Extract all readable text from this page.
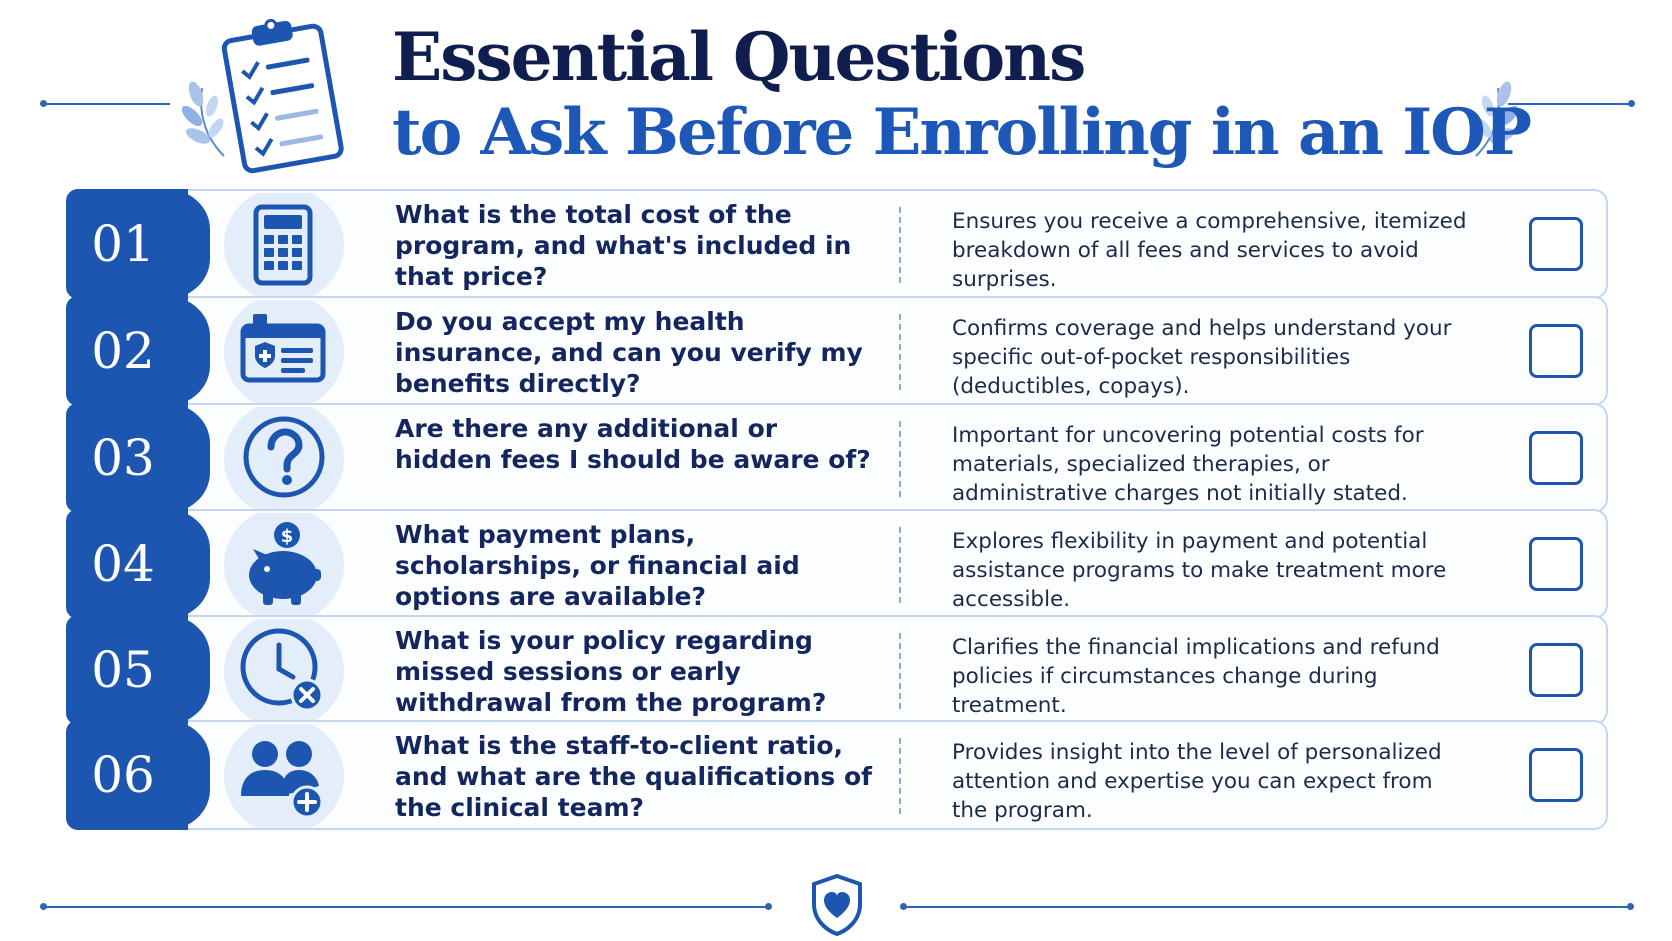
Essential Questions
to Ask Before Enrolling in an IOP
01
What is the total cost of the program, and what's included in that price?
Ensures you receive a comprehensive, itemized breakdown of all fees and services to avoid surprises.
02
Do you accept my health insurance, and can you verify my benefits directly?
Confirms coverage and helps understand your specific out-of-pocket responsibilities (deductibles, copays).
03
Are there any additional or hidden fees I should be aware of?
Important for uncovering potential costs for materials, specialized therapies, or administrative charges not initially stated.
04	$	What payment plans, scholarships, or financial aid options are available?
Explores flexibility in payment and potential assistance programs to make treatment more accessible.
05
What is your policy regarding missed sessions or early withdrawal from the program?
Clarifies the financial implications and refund policies if circumstances change during treatment.
06
What is the staff-to-client ratio, and what are the qualifications of the clinical team?
Provides insight into the level of personalized attention and expertise you can expect from the program.
